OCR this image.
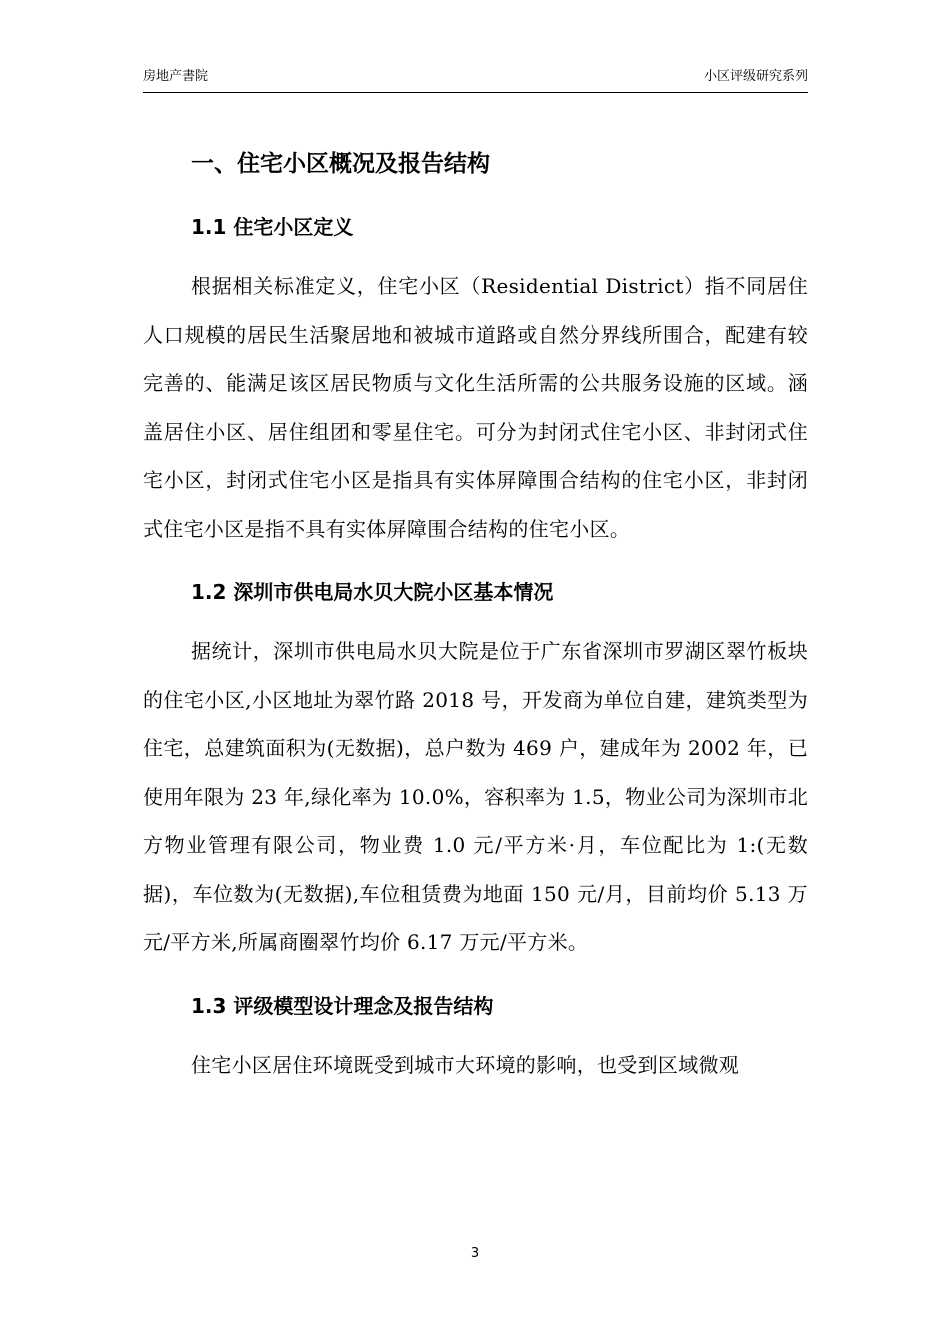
房地产書院	小区评级研究系列
一、住宅小区概况及报告结构
1.1 住宅小区定义

根据相关标准定义，住宅小区（Residential District）指不同居住人口规模的居民生活聚居地和被城市道路或自然分界线所围合，配建有较完善的、能满足该区居民物质与文化生活所需的公共服务设施的区域。涵盖居住小区、居住组团和零星住宅。可分为封闭式住宅小区、非封闭式住宅小区，封闭式住宅小区是指具有实体屏障围合结构的住宅小区，非封闭式住宅小区是指不具有实体屏障围合结构的住宅小区。

1.2 深圳市供电局水贝大院小区基本情况

据统计，深圳市供电局水贝大院是位于广东省深圳市罗湖区翠竹板块的住宅小区,小区地址为翠竹路 2018 号，开发商为单位自建，建筑类型为住宅，总建筑面积为(无数据)，总户数为 469 户，建成年为 2002 年，已使用年限为 23 年,绿化率为 10.0%，容积率为 1.5，物业公司为深圳市北方物业管理有限公司，物业费 1.0 元/平方米·月，车位配比为 1:(无数据)，车位数为(无数据),车位租赁费为地面 150 元/月，目前均价 5.13 万元/平方米,所属商圈翠竹均价 6.17 万元/平方米。

1.3 评级模型设计理念及报告结构

住宅小区居住环境既受到城市大环境的影响，也受到区域微观

3
